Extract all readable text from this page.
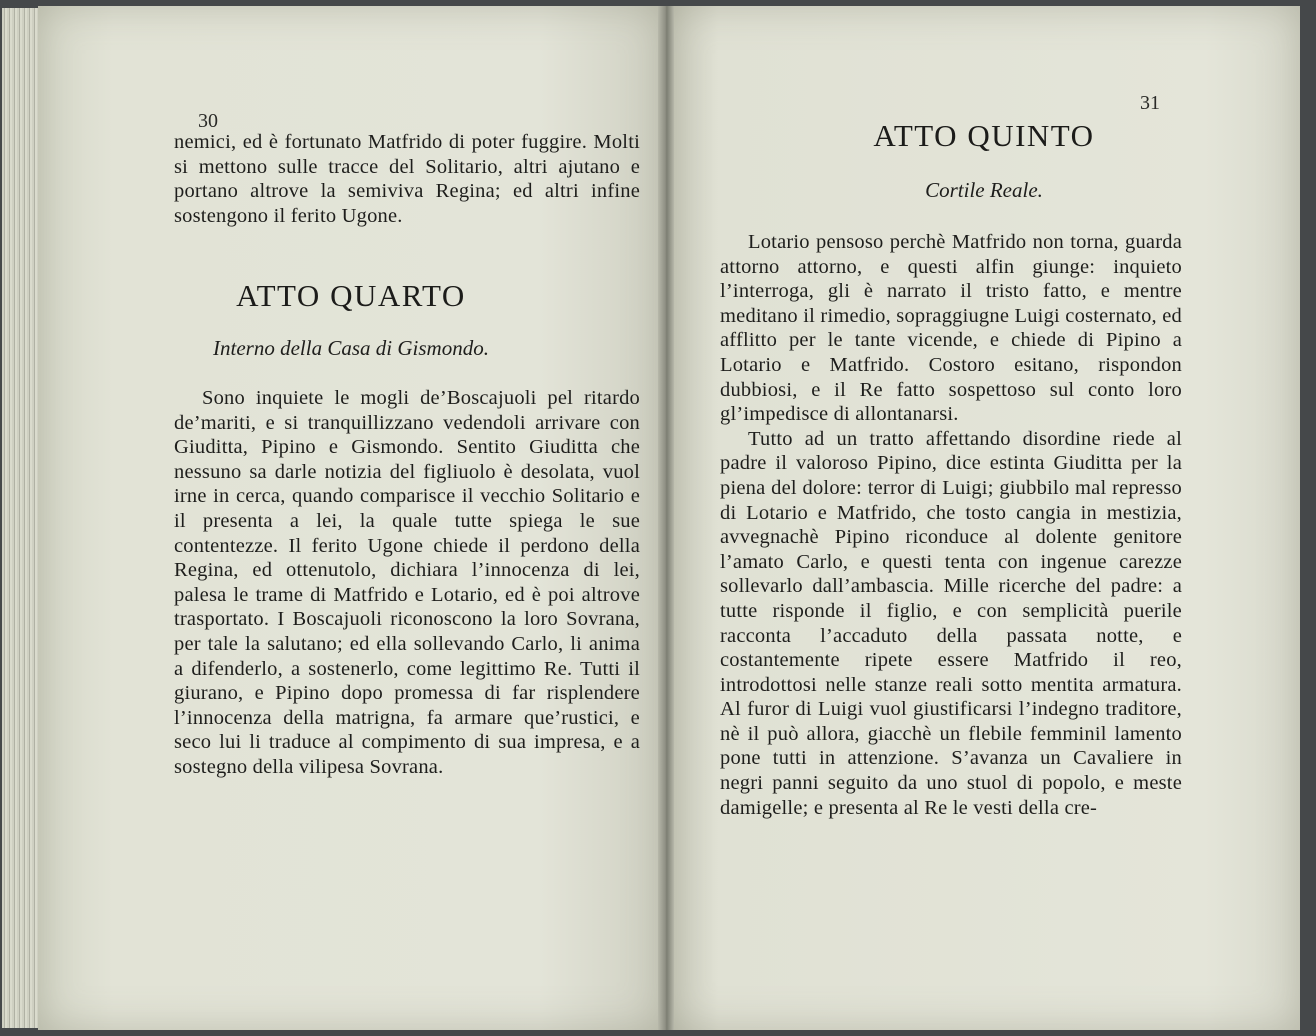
30

nemici, ed è fortunato Matfrido di poter fuggire. Molti si mettono sulle tracce del Solitario, altri ajutano e portano altrove la semiviva Regina; ed altri infine sostengono il ferito Ugone.

ATTO QUARTO
Interno della Casa di Gismondo.

Sono inquiete le mogli de’Boscajuoli pel ritardo de’mariti, e si tranquillizzano vedendoli arrivare con Giuditta, Pipino e Gismondo. Sentito Giuditta che nessuno sa darle notizia del figliuolo è desolata, vuol irne in cerca, quando comparisce il vecchio Solitario e il presenta a lei, la quale tutte spiega le sue contentezze. Il ferito Ugone chiede il perdono della Regina, ed ottenutolo, dichiara l’innocenza di lei, palesa le trame di Matfrido e Lotario, ed è poi altrove trasportato. I Boscajuoli riconoscono la loro Sovrana, per tale la salutano; ed ella sollevando Carlo, li anima a difenderlo, a sostenerlo, come legittimo Re. Tutti il giurano, e Pipino dopo promessa di far risplendere l’innocenza della matrigna, fa armare que’rustici, e seco lui li traduce al compimento di sua impresa, e a sostegno della vilipesa Sovrana.

31
ATTO QUINTO
Cortile Reale.

Lotario pensoso perchè Matfrido non torna, guarda attorno attorno, e questi alfin giunge: inquieto l’interroga, gli è narrato il tristo fatto, e mentre meditano il rimedio, sopraggiugne Luigi costernato, ed afflitto per le tante vicende, e chiede di Pipino a Lotario e Matfrido. Costoro esitano, rispondon dubbiosi, e il Re fatto sospettoso sul conto loro gl’impedisce di allontanarsi.

Tutto ad un tratto affettando disordine riede al padre il valoroso Pipino, dice estinta Giuditta per la piena del dolore: terror di Luigi; giubbilo mal represso di Lotario e Matfrido, che tosto cangia in mestizia, avvegnachè Pipino riconduce al dolente genitore l’amato Carlo, e questi tenta con ingenue carezze sollevarlo dall’ambascia. Mille ricerche del padre: a tutte risponde il figlio, e con semplicità puerile racconta l’accaduto della passata notte, e costantemente ripete essere Matfrido il reo, introdottosi nelle stanze reali sotto mentita armatura. Al furor di Luigi vuol giustificarsi l’indegno traditore, nè il può allora, giacchè un flebile femminil lamento pone tutti in attenzione. S’avanza un Cavaliere in negri panni seguito da uno stuol di popolo, e meste damigelle; e presenta al Re le vesti della cre-
